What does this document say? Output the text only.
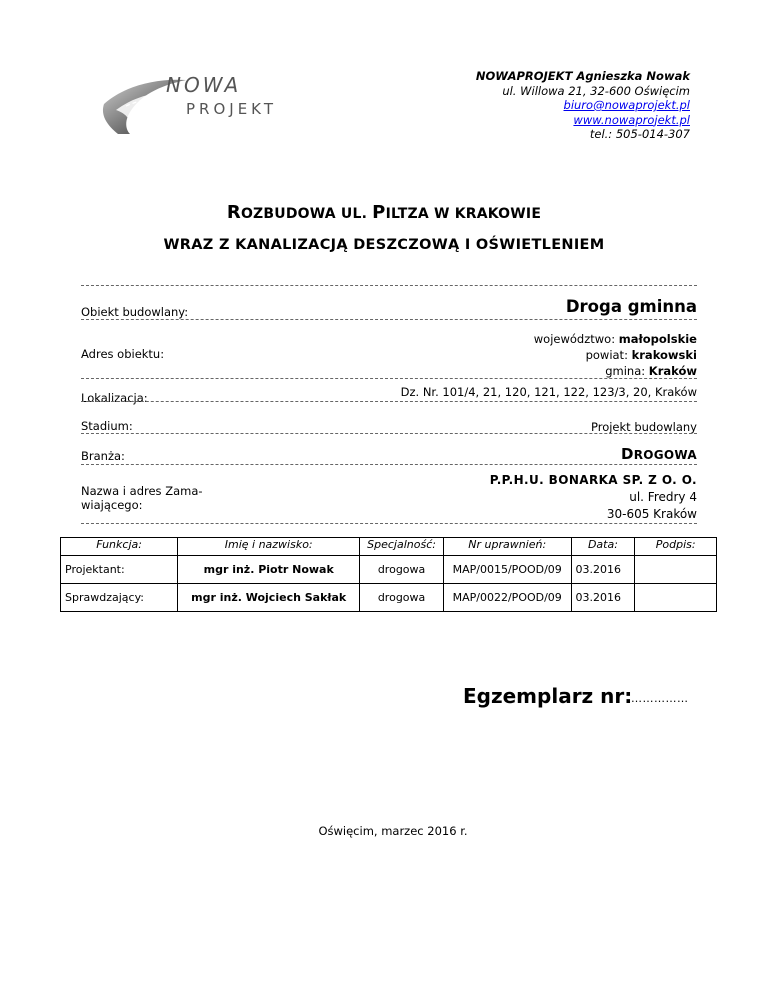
NOWA
PROJEKT
NOWAPROJEKT Agnieszka Nowak
ul. Willowa 21, 32-600 Oświęcim
biuro@nowaprojekt.pl
www.nowaprojekt.pl
tel.: 505-014-307
ROZBUDOWA UL. PILTZA W KRAKOWIE
WRAZ Z KANALIZACJĄ DESZCZOWĄ I OŚWIETLENIEM
Obiekt budowlany:	Droga gminna
Adres obiektu:
województwo: małopolskie
powiat: krakowski
gmina: Kraków
Lokalizacja:	Dz. Nr. 101/4, 21, 120, 121, 122, 123/3, 20, Kraków
Stadium:	Projekt budowlany
Branża:	DROGOWA
Nazwa i adres Zama-
wiającego:
P.P.H.U. BONARKA SP. Z O. O.
ul. Fredry 4
30-605 Kraków
Funkcja:	Imię i nazwisko:	Specjalność:	Nr uprawnień:	Data:	Podpis:
Projektant:	mgr inż. Piotr Nowak	drogowa	MAP/0015/POOD/09	03.2016	
Sprawdzający:	mgr inż. Wojciech Sakłak	drogowa	MAP/0022/POOD/09	03.2016	
Egzemplarz nr:
……………
Oświęcim, marzec 2016 r.
